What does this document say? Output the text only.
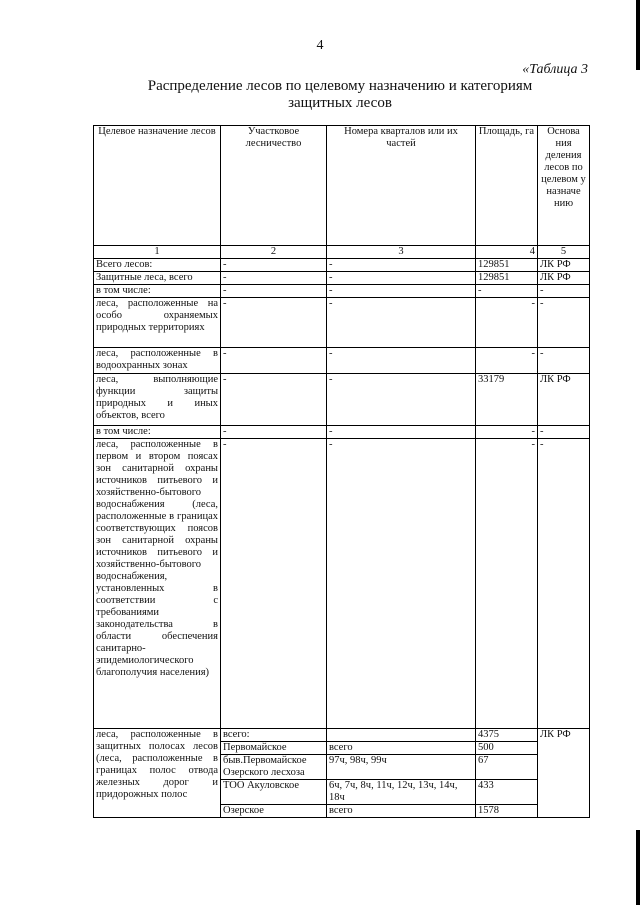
4
«Таблица 3
Распределение лесов по целевому назначению и категориям защитных лесов
Целевое назначение лесов	Участковое лесничество	Номера кварталов или их частей	Площадь, га	Основа ния деления лесов по целевом у назначе нию
1	2	3	4	5
Всего лесов:	-	-	129851	ЛК РФ
Защитные леса, всего	-	-	129851	ЛК РФ
в том числе:	-	-	-	-
леса, расположенные на особо охраняемых природных территориях	-	-	-	-
леса, расположенные в водоохранных зонах	-	-	-	-
леса, выполняющие функции защиты природных и иных объектов, всего	-	-	33179	ЛК РФ
в том числе:	-	-	-	-
леса, расположенные в первом и втором поясах зон санитарной охраны источников питьевого и хозяйственно-бытового водоснабжения (леса, расположенные в границах соответствующих поясов зон санитарной охраны источников питьевого и хозяйственно-бытового водоснабжения, установленных в соответствии с требованиями законодательства в области обеспечения санитарно-эпидемиологического благополучия населения)	-	-	-	-
леса, расположенные в защитных полосах лесов (леса, расположенные в границах полос отвода железных дорог и придорожных полос	всего:		4375	ЛК РФ
	Первомайское	всего	500	
	быв.Первомайское Озерского лесхоза	97ч, 98ч, 99ч	67	
	ТОО Акуловское	6ч, 7ч, 8ч, 11ч, 12ч, 13ч, 14ч, 18ч	433	
	Озерское	всего	1578	
